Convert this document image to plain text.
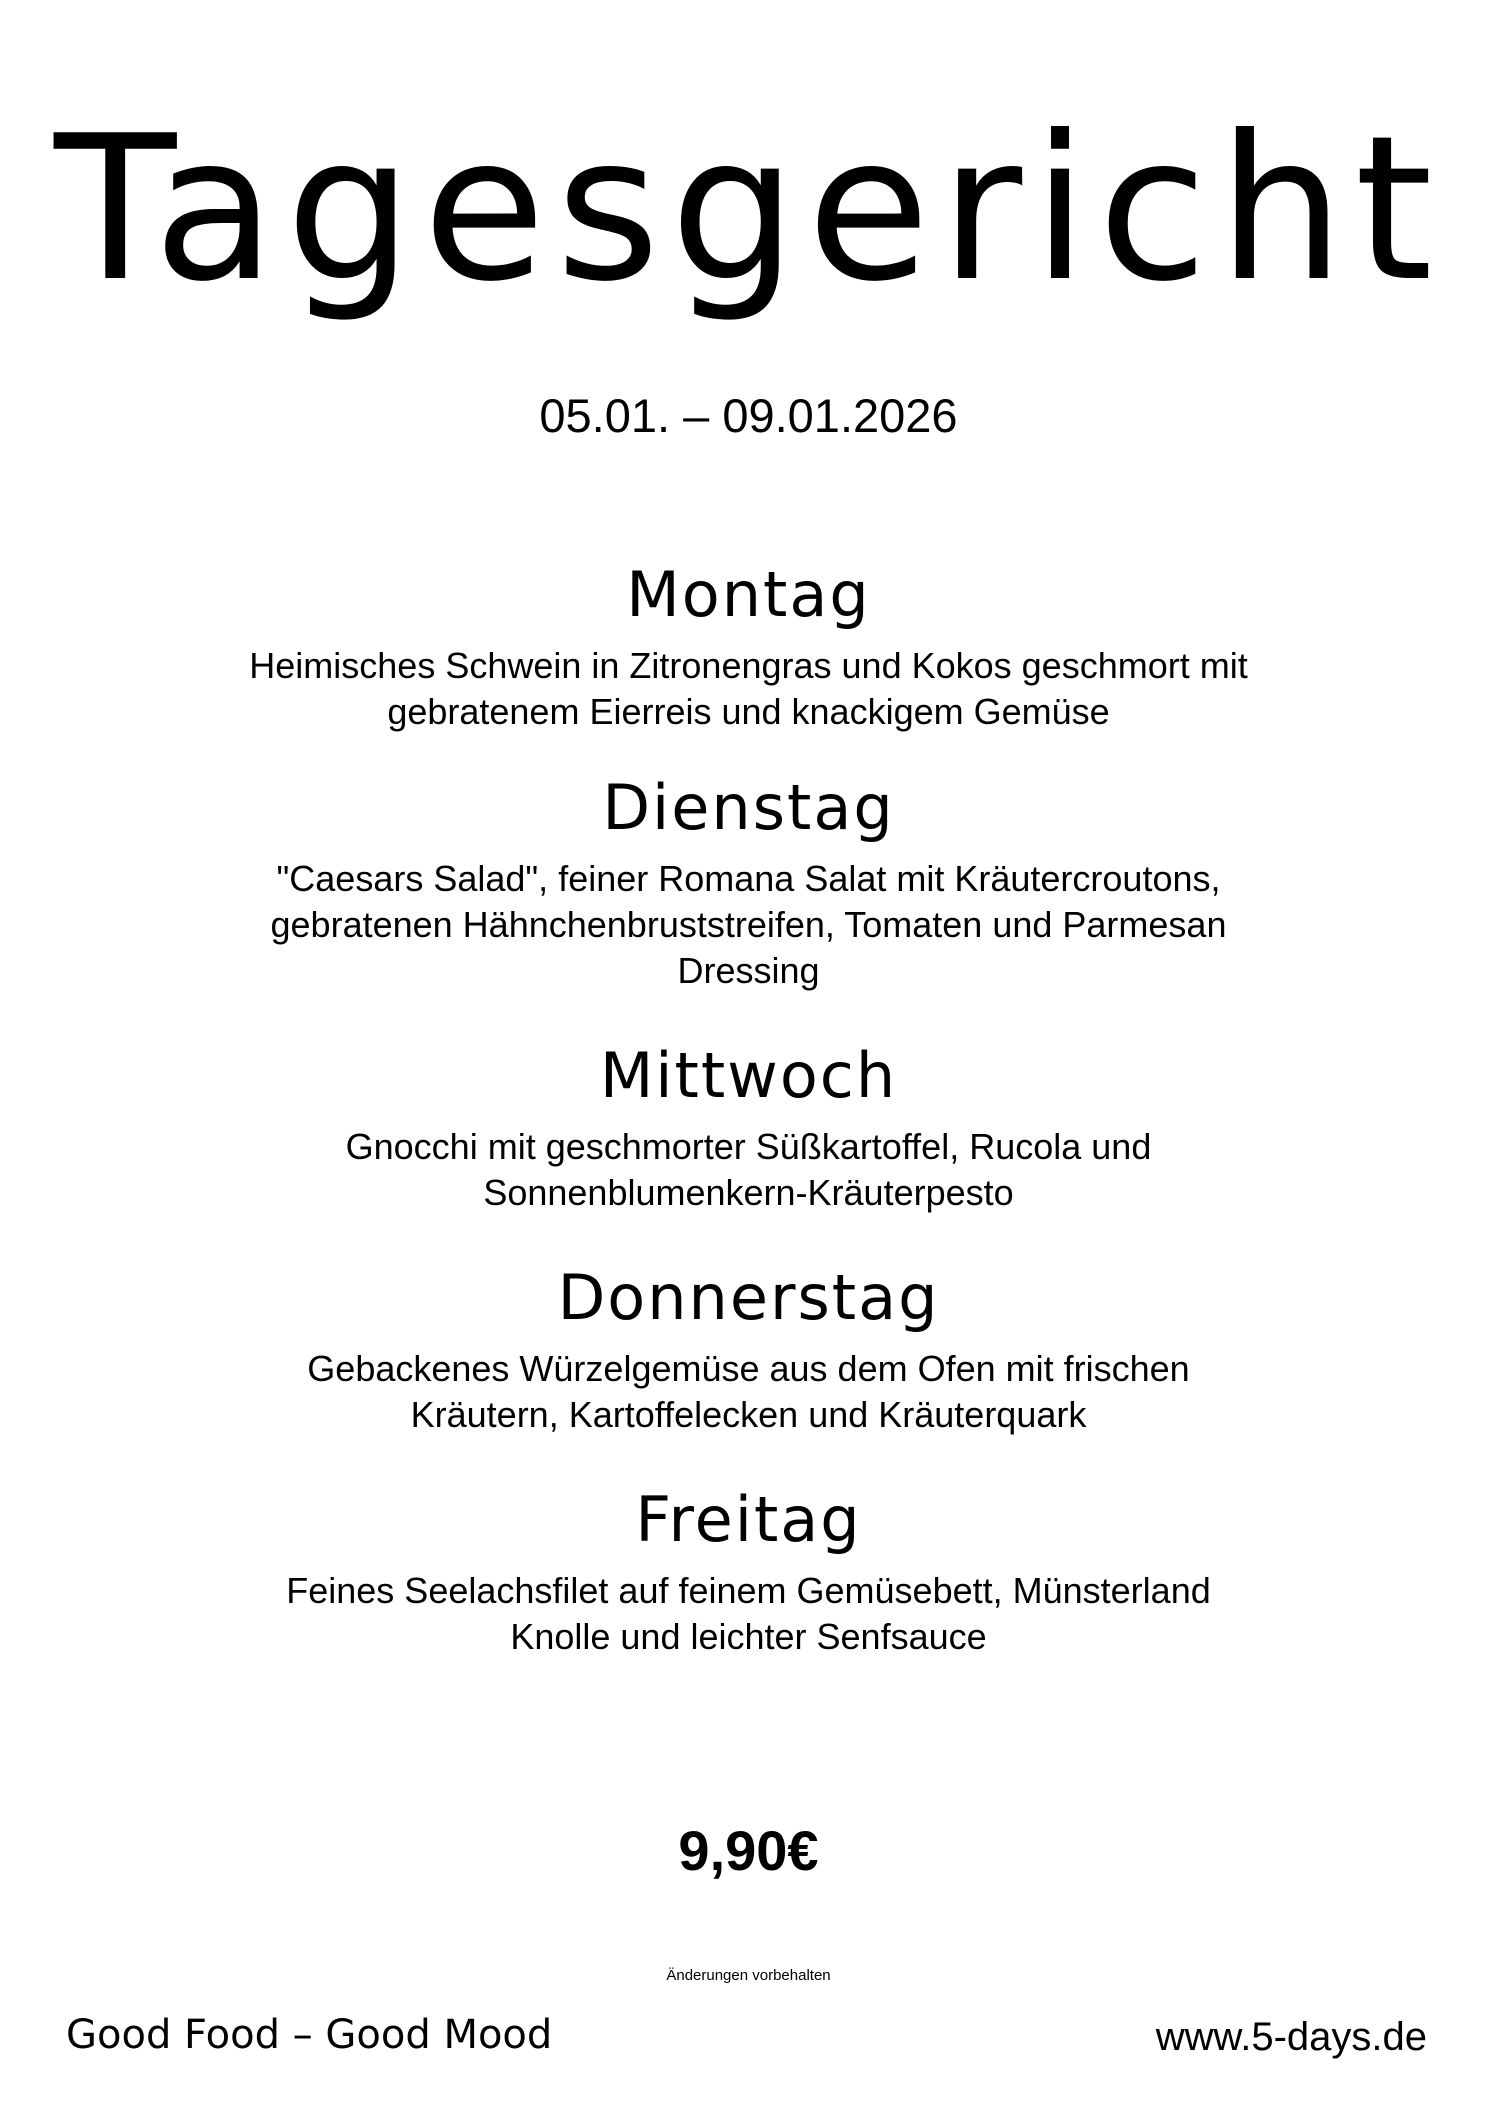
Tagesgericht
05.01. – 09.01.2026
Montag
Heimisches Schwein in Zitronengras und Kokos geschmort mit
gebratenem Eierreis und knackigem Gemüse
Dienstag
"Caesars Salad", feiner Romana Salat mit Kräutercroutons,
gebratenen Hähnchenbruststreifen, Tomaten und Parmesan
Dressing
Mittwoch
Gnocchi mit geschmorter Süßkartoffel, Rucola und
Sonnenblumenkern-Kräuterpesto
Donnerstag
Gebackenes Würzelgemüse aus dem Ofen mit frischen
Kräutern, Kartoffelecken und Kräuterquark
Freitag
Feines Seelachsfilet auf feinem Gemüsebett, Münsterland
Knolle und leichter Senfsauce
9,90€
Änderungen vorbehalten
Good Food – Good Mood	www.5-days.de
